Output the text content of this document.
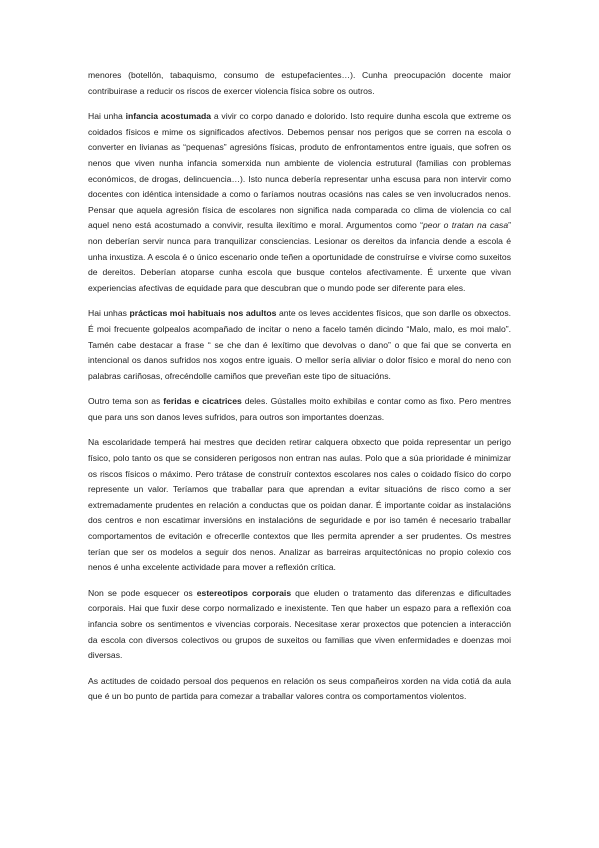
menores (botellón, tabaquismo, consumo de estupefacientes…). Cunha preocupación docente maior contribuirase a reducir os riscos de exercer violencia física sobre os outros.

Hai unha infancia acostumada a vivir co corpo danado e dolorido. Isto require dunha escola que extreme os coidados físicos e mime os significados afectivos. Debemos pensar nos perigos que se corren na escola o converter en livianas as “pequenas” agresións físicas, produto de enfrontamentos entre iguais, que sofren os nenos que viven nunha infancia somerxida nun ambiente de violencia estrutural (familias con problemas económicos, de drogas, delincuencia…). Isto nunca debería representar unha escusa para non intervir como docentes con idéntica intensidade a como o faríamos noutras ocasións nas cales se ven involucrados nenos. Pensar que aquela agresión física de escolares non significa nada comparada co clima de violencia co cal aquel neno está acostumado a convivir, resulta ilexítimo e moral. Argumentos como “peor o tratan na casa” non deberían servir nunca para tranquilizar consciencias. Lesionar os dereitos da infancia dende a escola é unha inxustiza. A escola é o único escenario onde teñen a oportunidade de construírse e vivirse como suxeitos de dereitos. Deberían atoparse cunha escola que busque contelos afectivamente. É urxente que vivan experiencias afectivas de equidade para que descubran que o mundo pode ser diferente para eles.

Hai unhas prácticas moi habituais nos adultos ante os leves accidentes físicos, que son darlle os obxectos. É moi frecuente golpealos acompañado de incitar o neno a facelo tamén dicindo “Malo, malo, es moi malo”. Tamén cabe destacar a frase “ se che dan é lexítimo que devolvas o dano” o que fai que se converta en intencional os danos sufridos nos xogos entre iguais. O mellor sería aliviar o dolor físico e moral do neno con palabras cariñosas, ofrecéndolle camiños que preveñan este tipo de situacións.

Outro tema son as feridas e cicatrices deles. Gústalles moito exhibilas e contar como as fixo. Pero mentres que para uns son danos leves sufridos, para outros son importantes doenzas.

Na escolaridade temperá hai mestres que deciden retirar calquera obxecto que poida representar un perigo físico, polo tanto os que se consideren perigosos non entran nas aulas. Polo que a súa prioridade é minimizar os riscos físicos o máximo. Pero trátase de construír contextos escolares nos cales o coidado físico do corpo represente un valor. Teríamos que traballar para que aprendan a evitar situacións de risco como a ser extremadamente prudentes en relación a conductas que os poidan danar. É importante coidar as instalacións dos centros e non escatimar inversións en instalacións de seguridade e por iso tamén é necesario traballar comportamentos de evitación e ofrecerlle contextos que lles permita aprender a ser prudentes. Os mestres terían que ser os modelos a seguir dos nenos. Analizar as barreiras arquitectónicas no propio colexio cos nenos é unha excelente actividade para mover a reflexión crítica.

Non se pode esquecer os estereotipos corporais que eluden o tratamento das diferenzas e dificultades corporais. Hai que fuxir dese corpo normalizado e inexistente. Ten que haber un espazo para a reflexión coa infancia sobre os sentimentos e vivencias corporais. Necesitase xerar proxectos que potencien a interacción da escola con diversos colectivos ou grupos de suxeitos ou familias que viven enfermidades e doenzas moi diversas.

As actitudes de coidado persoal dos pequenos en relación os seus compañeiros xorden na vida cotiá da aula que é un bo punto de partida para comezar a traballar valores contra os comportamentos violentos.
